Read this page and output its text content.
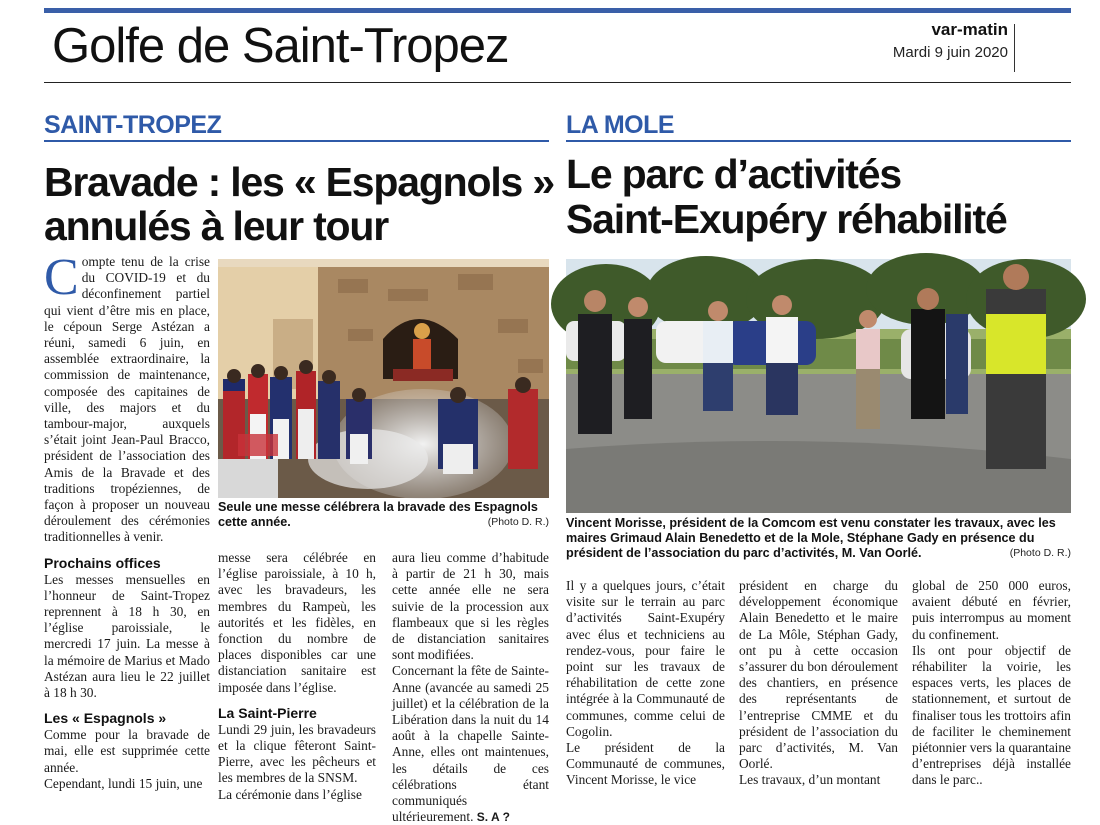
Golfe de Saint-Tropez	var-matin
Mardi 9 juin 2020
SAINT-TROPEZ
Bravade : les « Espagnols »
annulés à leur tour

Compte tenu de la crise du COVID-19 et du déconfinement partiel qui vient d’être mis en place, le cépoun Serge Astézan a réuni, samedi 6 juin, en assemblée extraordinaire, la commission de maintenance, composée des capitaines de ville, des majors et du tambour-major, auxquels s’était joint Jean-Paul Bracco, président de l’association des Amis de la Bravade et des traditions tropéziennes, de façon à proposer un nouveau déroulement des cérémonies traditionnelles à venir.

Prochains offices

Les messes mensuelles en l’honneur de Saint-Tropez reprennent à 18 h 30, en l’église paroissiale, le mercredi 17 juin. La messe à la mémoire de Marius et Mado Astézan aura lieu le 22 juillet à 18 h 30.

Les « Espagnols »

Comme pour la bravade de mai, elle est supprimée cette année.

Cependant, lundi 15 juin, une

Seule une messe célébrera la bravade des Espagnols cette année.	(Photo D. R.)

messe sera célébrée en l’église paroissiale, à 10 h, avec les bravadeurs, les membres du Rampeù, les autorités et les fidèles, en fonction du nombre de places disponibles car une distanciation sanitaire est imposée dans l’église.

La Saint-Pierre

Lundi 29 juin, les bravadeurs et la clique fêteront Saint-Pierre, avec les pêcheurs et les membres de la SNSM.

La cérémonie dans l’église

aura lieu comme d’habitude à partir de 21 h 30, mais cette année elle ne sera suivie de la procession aux flambeaux que si les règles de distanciation sanitaires sont modifiées.

Concernant la fête de Sainte-Anne (avancée au samedi 25 juillet) et la célébration de la Libération dans la nuit du 14 août à la chapelle Sainte-Anne, elles ont maintenues, les détails de ces célébrations étant communiqués ultérieurement. S. A ?

LA MOLE
Le parc d’activités
Saint-Exupéry réhabilité
Vincent Morisse, président de la Comcom est venu constater les travaux, avec les maires Grimaud Alain Benedetto et de la Mole, Stéphane Gady en présence du président de l’association du parc d’activités, M. Van Oorlé.	(Photo D. R.)

Il y a quelques jours, c’était visite sur le terrain au parc d’activités Saint-Exupéry avec élus et techniciens au rendez-vous, pour faire le point sur les travaux de réhabilitation de cette zone intégrée à la Communauté de communes, comme celui de Cogolin.

Le président de la Communauté de communes, Vincent Morisse, le vice

président en charge du développement économique Alain Benedetto et le maire de La Môle, Stéphan Gady, ont pu à cette occasion s’assurer du bon déroulement des chantiers, en présence des représentants de l’entreprise CMME et du président de l’association du parc d’activités, M. Van Oorlé.

Les travaux, d’un montant

global de 250 000 euros, avaient débuté en février, puis interrompus au moment du confinement.

Ils ont pour objectif de réhabiliter la voirie, les espaces verts, les places de stationnement, et surtout de finaliser tous les trottoirs afin de faciliter le cheminement piétonnier vers la quarantaine d’entreprises déjà installée dans le parc..
